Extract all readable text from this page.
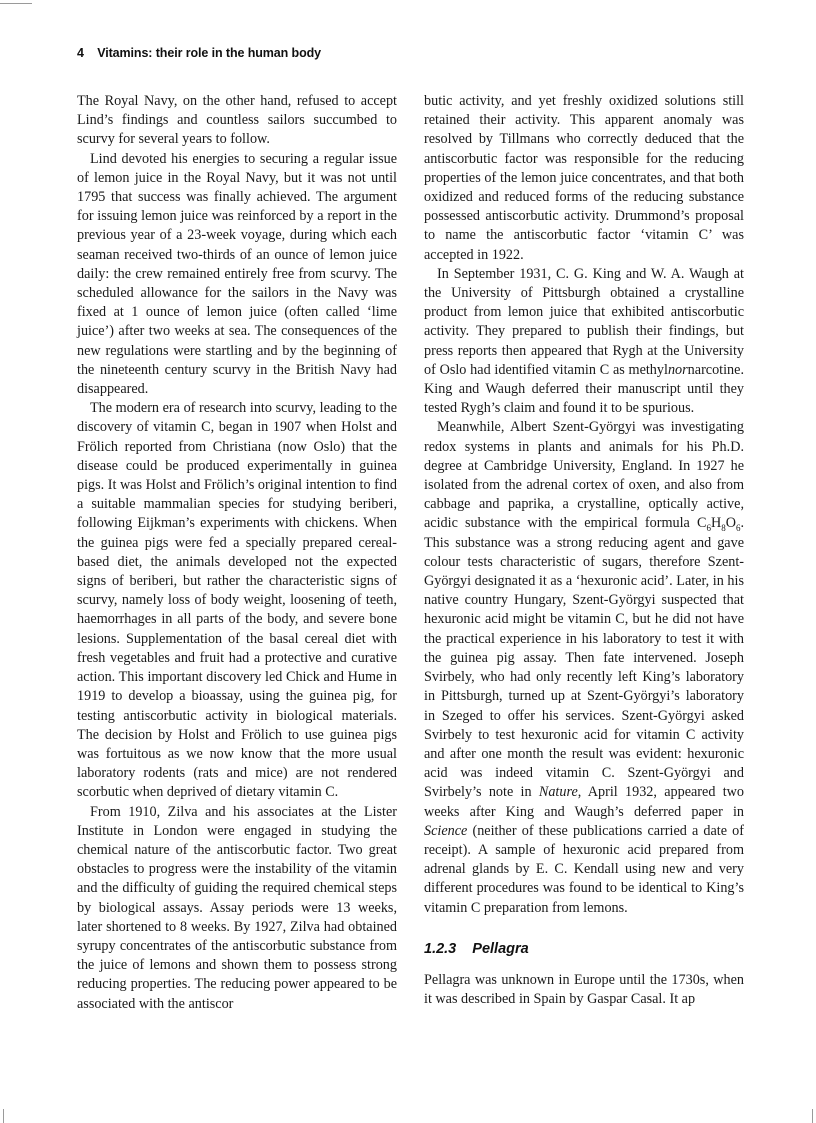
4 Vitamins: their role in the human body

The Royal Navy, on the other hand, refused to accept Lind’s findings and countless sailors succumbed to scurvy for several years to follow.

Lind devoted his energies to securing a regular issue of lemon juice in the Royal Navy, but it was not until 1795 that success was finally achieved. The argument for issuing lemon juice was reinforced by a report in the previous year of a 23-week voyage, during which each seaman received two-thirds of an ounce of lemon juice daily: the crew remained entirely free from scurvy. The scheduled allowance for the sailors in the Navy was fixed at 1 ounce of lemon juice (often called ‘lime juice’) after two weeks at sea. The consequences of the new regulations were startling and by the beginning of the nineteenth century scurvy in the British Navy had disappeared.

The modern era of research into scurvy, leading to the discovery of vitamin C, began in 1907 when Holst and Frölich reported from Christiana (now Oslo) that the disease could be produced experimentally in guinea pigs. It was Holst and Frölich’s original intention to find a suitable mammalian species for studying beriberi, following Eijkman’s experiments with chickens. When the guinea pigs were fed a specially prepared cereal-based diet, the animals developed not the expected signs of beriberi, but rather the characteristic signs of scurvy, namely loss of body weight, loosening of teeth, haemorrhages in all parts of the body, and severe bone lesions. Supplementation of the basal cereal diet with fresh vegetables and fruit had a protective and curative action. This important discovery led Chick and Hume in 1919 to develop a bioassay, using the guinea pig, for testing antiscorbutic activity in biological materials. The decision by Holst and Frölich to use guinea pigs was fortuitous as we now know that the more usual laboratory rodents (rats and mice) are not rendered scorbutic when deprived of dietary vitamin C.

From 1910, Zilva and his associates at the Lister Institute in London were engaged in studying the chemical nature of the antiscorbutic factor. Two great obstacles to progress were the instability of the vitamin and the difficulty of guiding the required chemical steps by biological assays. Assay periods were 13 weeks, later shortened to 8 weeks. By 1927, Zilva had obtained syrupy concentrates of the antiscorbutic substance from the juice of lemons and shown them to possess strong reducing properties. The reducing power appeared to be associated with the antiscor

butic activity, and yet freshly oxidized solutions still retained their activity. This apparent anomaly was resolved by Tillmans who correctly deduced that the antiscorbutic factor was responsible for the reducing properties of the lemon juice concentrates, and that both oxidized and reduced forms of the reducing substance possessed antiscorbutic activity. Drummond’s proposal to name the antiscorbutic factor ‘vitamin C’ was accepted in 1922.

In September 1931, C. G. King and W. A. Waugh at the University of Pittsburgh obtained a crystalline product from lemon juice that exhibited antiscorbutic activity. They prepared to publish their findings, but press reports then appeared that Rygh at the University of Oslo had identified vitamin C as methylnornarcotine. King and Waugh deferred their manuscript until they tested Rygh’s claim and found it to be spurious.

Meanwhile, Albert Szent-Györgyi was investigating redox systems in plants and animals for his Ph.D. degree at Cambridge University, England. In 1927 he isolated from the adrenal cortex of oxen, and also from cabbage and paprika, a crystalline, optically active, acidic substance with the empirical formula $C_6H_8O_6$. This substance was a strong reducing agent and gave colour tests characteristic of sugars, therefore Szent-Györgyi designated it as a ‘hexuronic acid’. Later, in his native country Hungary, Szent-Györgyi suspected that hexuronic acid might be vitamin C, but he did not have the practical experience in his laboratory to test it with the guinea pig assay. Then fate intervened. Joseph Svirbely, who had only recently left King’s laboratory in Pittsburgh, turned up at Szent-Györgyi’s laboratory in Szeged to offer his services. Szent-Györgyi asked Svirbely to test hexuronic acid for vitamin C activity and after one month the result was evident: hexuronic acid was indeed vitamin C. Szent-Györgyi and Svirbely’s note in Nature, April 1932, appeared two weeks after King and Waugh’s deferred paper in Science (neither of these publications carried a date of receipt). A sample of hexuronic acid prepared from adrenal glands by E. C. Kendall using new and very different procedures was found to be identical to King’s vitamin C preparation from lemons.

1.2.3 Pellagra

Pellagra was unknown in Europe until the 1730s, when it was described in Spain by Gaspar Casal. It ap
